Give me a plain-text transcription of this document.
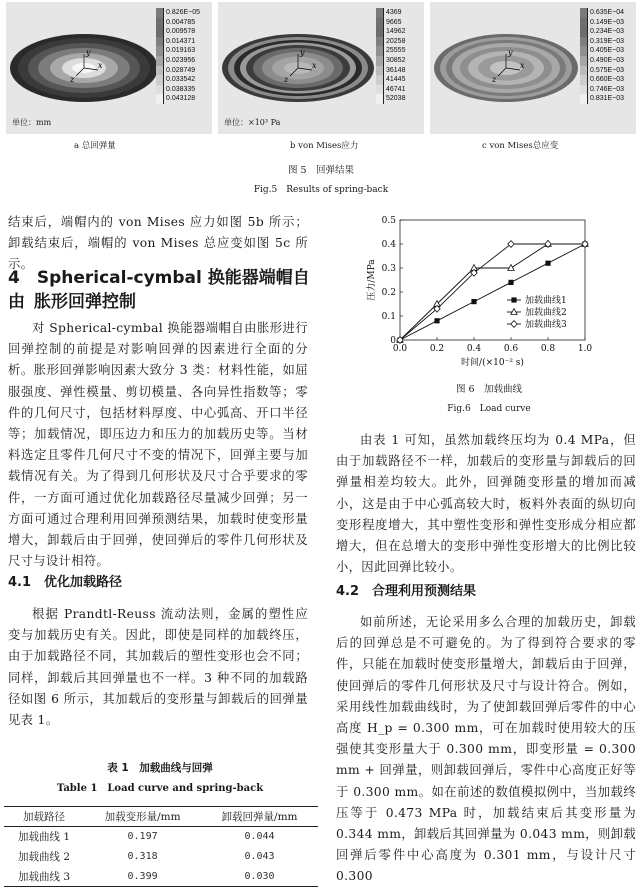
y
x
z
0.826E−05
0.004785
0.009578
0.014371
0.019163
0.023956
0.028749
0.033542
0.038335
0.043128
单位：mm
y
x
z
4369
9665
14962
20258
25555
30852
36148
41445
46741
52038
单位：×10³ Pa
y
x
z
0.635E−04
0.149E−03
0.234E−03
0.319E−03
0.405E−03
0.490E−03
0.575E−03
0.660E−03
0.746E−03
0.831E−03
a 总回弹量	b von Mises应力	c von Mises总应变
图 5　回弹结果
Fig.5　Results of spring-back
结束后，端帽内的 von Mises 应力如图 5b 所示；卸载结束后，端帽的 von Mises 总应变如图 5c 所示。
4　Spherical-cymbal 换能器端帽自由 胀形回弹控制
对 Spherical-cymbal 换能器端帽自由胀形进行回弹控制的前提是对影响回弹的因素进行全面的分析。胀形回弹影响因素大致分 3 类：材料性能，如屈服强度、弹性模量、剪切模量、各向异性指数等；零件的几何尺寸，包括材料厚度、中心弧高、开口半径等；加载情况，即压边力和压力的加载历史等。当材料选定且零件几何尺寸不变的情况下，回弹主要与加载情况有关。为了得到几何形状及尺寸合乎要求的零件，一方面可通过优化加载路径尽量减少回弹；另一方面可通过合理利用回弹预测结果，加载时使变形量增大，卸载后由于回弹，使回弹后的零件几何形状及尺寸与设计相符。
4.1　优化加载路径
根据 Prandtl-Reuss 流动法则，金属的塑性应变与加载历史有关。因此，即使是同样的加载终压，由于加载路径不同，其加载后的塑性变形也会不同；同样，卸载后其回弹量也不一样。3 种不同的加载路径如图 6 所示，其加载后的变形量与卸载后的回弹量见表 1。
表 1　加载曲线与回弹
Table 1　Load curve and spring-back
加载路径	加载变形量/mm	卸载回弹量/mm
加载曲线 1	0.197	0.044
加载曲线 2	0.318	0.043
加载曲线 3	0.399	0.030
0
0.1
0.2
0.3
0.4
0.5
0.0	0.2	0.4	0.6	0.8	1.0
时间/(×10⁻² s)
压力/MPa
加载曲线1
加载曲线2
加载曲线3
图 6　加载曲线
Fig.6　Load curve
由表 1 可知，虽然加载终压均为 0.4 MPa，但由于加载路径不一样，加载后的变形量与卸载后的回弹量相差均较大。此外，回弹随变形量的增加而减小，这是由于中心弧高较大时，板料外表面的纵切向变形程度增大，其中塑性变形和弹性变形成分相应都增大，但在总增大的变形中弹性变形增大的比例比较小，因此回弹比较小。
4.2　合理利用预测结果
如前所述，无论采用多么合理的加载历史，卸载后的回弹总是不可避免的。为了得到符合要求的零件，只能在加载时使变形量增大，卸载后由于回弹，使回弹后的零件几何形状及尺寸与设计符合。例如，采用线性加载曲线时，为了使卸载回弹后零件的中心高度 H_p = 0.300 mm，可在加载时使用较大的压强使其变形量大于 0.300 mm，即变形量 = 0.300 mm + 回弹量，则卸载回弹后，零件中心高度正好等于 0.300 mm。如在前述的数值模拟例中，当加载终压等于 0.473 MPa 时，加载结束后其变形量为 0.344 mm，卸载后其回弹量为 0.043 mm，则卸载回弹后零件中心高度为 0.301 mm，与设计尺寸 0.300
